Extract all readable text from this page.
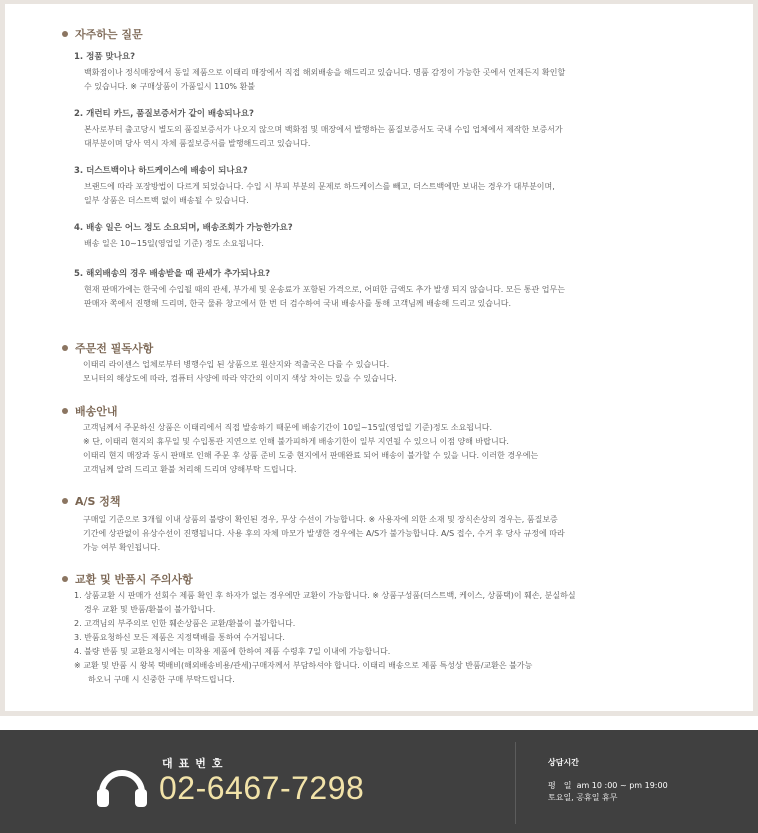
자주하는 질문
1. 정품 맞나요?
백화점이나 정식매장에서 동일 제품으로 이태리 매장에서 직접 해외배송을 해드리고 있습니다. 명품 감정이 가능한 곳에서 언제든지 확인할
수 있습니다. ※ 구매상품이 가품일시 110% 환불
2. 개런티 카드, 품질보증서가 같이 배송되나요?
본사로부터 출고당시 별도의 품질보증서가 나오지 않으며 백화점 및 매장에서 발행하는 품질보증서도 국내 수입 업체에서 제작한 보증서가
대부분이며 당사 역시 자체 품질보증서를 발행해드리고 있습니다.
3. 더스트백이나 하드케이스에 배송이 되나요?
브랜드에 따라 포장방법이 다르게 되었습니다. 수입 시 부피 부분의 문제로 하드케이스를 빼고, 더스트백에만 보내는 경우가 대부분이며,
일부 상품은 더스트백 없이 배송될 수 있습니다.
4. 배송 일은 어느 정도 소요되며, 배송조회가 가능한가요?
배송 일은 10~15일(영업일 기준) 정도 소요됩니다.
5. 해외배송의 경우 배송받을 때 관세가 추가되나요?
현재 판매가에는 한국에 수입될 때의 관세, 부가세 및 운송료가 포함된 가격으로, 어떠한 금액도 추가 발생 되지 않습니다. 모든 통관 업무는
판매자 쪽에서 진행해 드리며, 한국 물류 창고에서 한 번 더 검수하여 국내 배송사를 통해 고객님께 배송해 드리고 있습니다.
주문전 필독사항
이태리 라이센스 업체로부터 병행수입 된 상품으로 원산지와 적출국은 다를 수 있습니다.
모니터의 해상도에 따라, 컴퓨터 사양에 따라 약간의 이미지 색상 차이는 있을 수 있습니다.
배송안내
고객님께서 주문하신 상품은 이태리에서 직접 발송하기 때문에 배송기간이 10일~15일(영업일 기준)정도 소요됩니다.
※ 단, 이태리 현지의 휴무일 및 수입통관 지연으로 인해 불가피하게 배송기한이 일부 지연될 수 있으니 이점 양해 바랍니다.
이태리 현지 매장과 동시 판매로 인해 주문 후 상품 준비 도중 현지에서 판매완료 되어 배송이 불가할 수 있을 니다. 이러한 경우에는
고객님께 알려 드리고 환불 처리해 드리며 양해부탁 드립니다.
A/S 정책
구매일 기준으로 3개월 이내 상품의 불량이 확인된 경우, 무상 수선이 가능합니다. ※ 사용자에 의한 소재 및 장식손상의 경우는, 품질보증
기간에 상관없이 유상수선이 진행됩니다. 사용 후의 자체 마모가 발생한 경우에는 A/S가 불가능합니다. A/S 접수, 수거 후 당사 규정에 따라
가능 여부 확인됩니다.
교환 및 반품시 주의사항
1. 상품교환 시 판매가 선회수 제품 확인 후 하자가 없는 경우에만 교환이 가능합니다. ※ 상품구성품(더스트백, 케이스, 상품택)이 훼손, 분실하실
경우 교환 및 반품/환불이 불가합니다.
2. 고객님의 부주의로 인한 훼손상품은 교환/환불이 불가합니다.
3. 반품요청하신 모든 제품은 지정택배를 통하여 수거됩니다.
4. 불량 반품 및 교환요청시에는 미착용 제품에 한하여 제품 수령후 7일 이내에 가능합니다.
※ 교환 및 반품 시 왕복 택배비(해외배송비용/관세)구매자께서 부담하셔야 합니다. 이태리 배송으로 제품 특성상 반품/교환은 불가능
하오니 구매 시 신중한 구매 부탁드립니다.
대표번호
02-6467-7298
상담시간
평　일 am 10 :00 ~ pm 19:00
토요일, 공휴일 휴무
